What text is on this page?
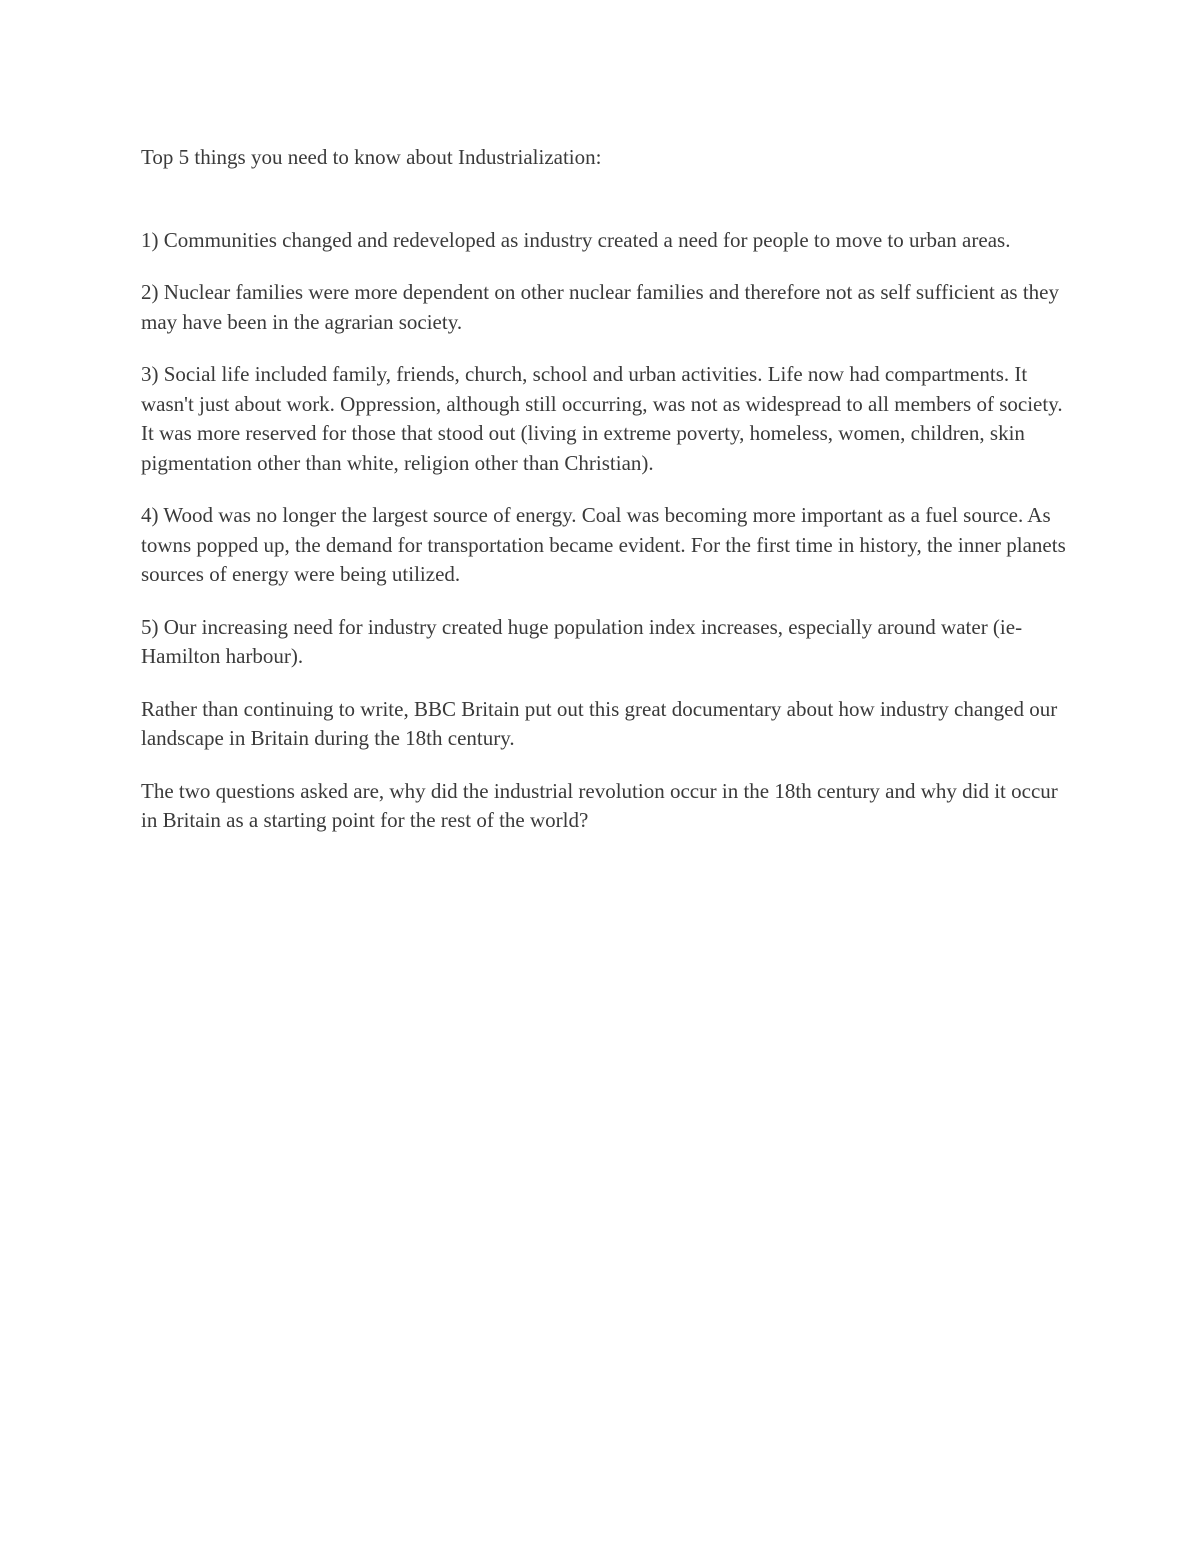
Top 5 things you need to know about Industrialization:

1) Communities changed and redeveloped as industry created a need for people to move to urban areas.

2) Nuclear families were more dependent on other nuclear families and therefore not as self sufficient as they may have been in the agrarian society.

3) Social life included family, friends, church, school and urban activities. Life now had compartments. It wasn't just about work. Oppression, although still occurring, was not as widespread to all members of society. It was more reserved for those that stood out (living in extreme poverty, homeless, women, children, skin pigmentation other than white, religion other than Christian).

4) Wood was no longer the largest source of energy. Coal was becoming more important as a fuel source. As towns popped up, the demand for transportation became evident. For the first time in history, the inner planets sources of energy were being utilized.

5) Our increasing need for industry created huge population index increases, especially around water (ie- Hamilton harbour).

Rather than continuing to write, BBC Britain put out this great documentary about how industry changed our landscape in Britain during the 18th century.

The two questions asked are, why did the industrial revolution occur in the 18th century and why did it occur in Britain as a starting point for the rest of the world?
